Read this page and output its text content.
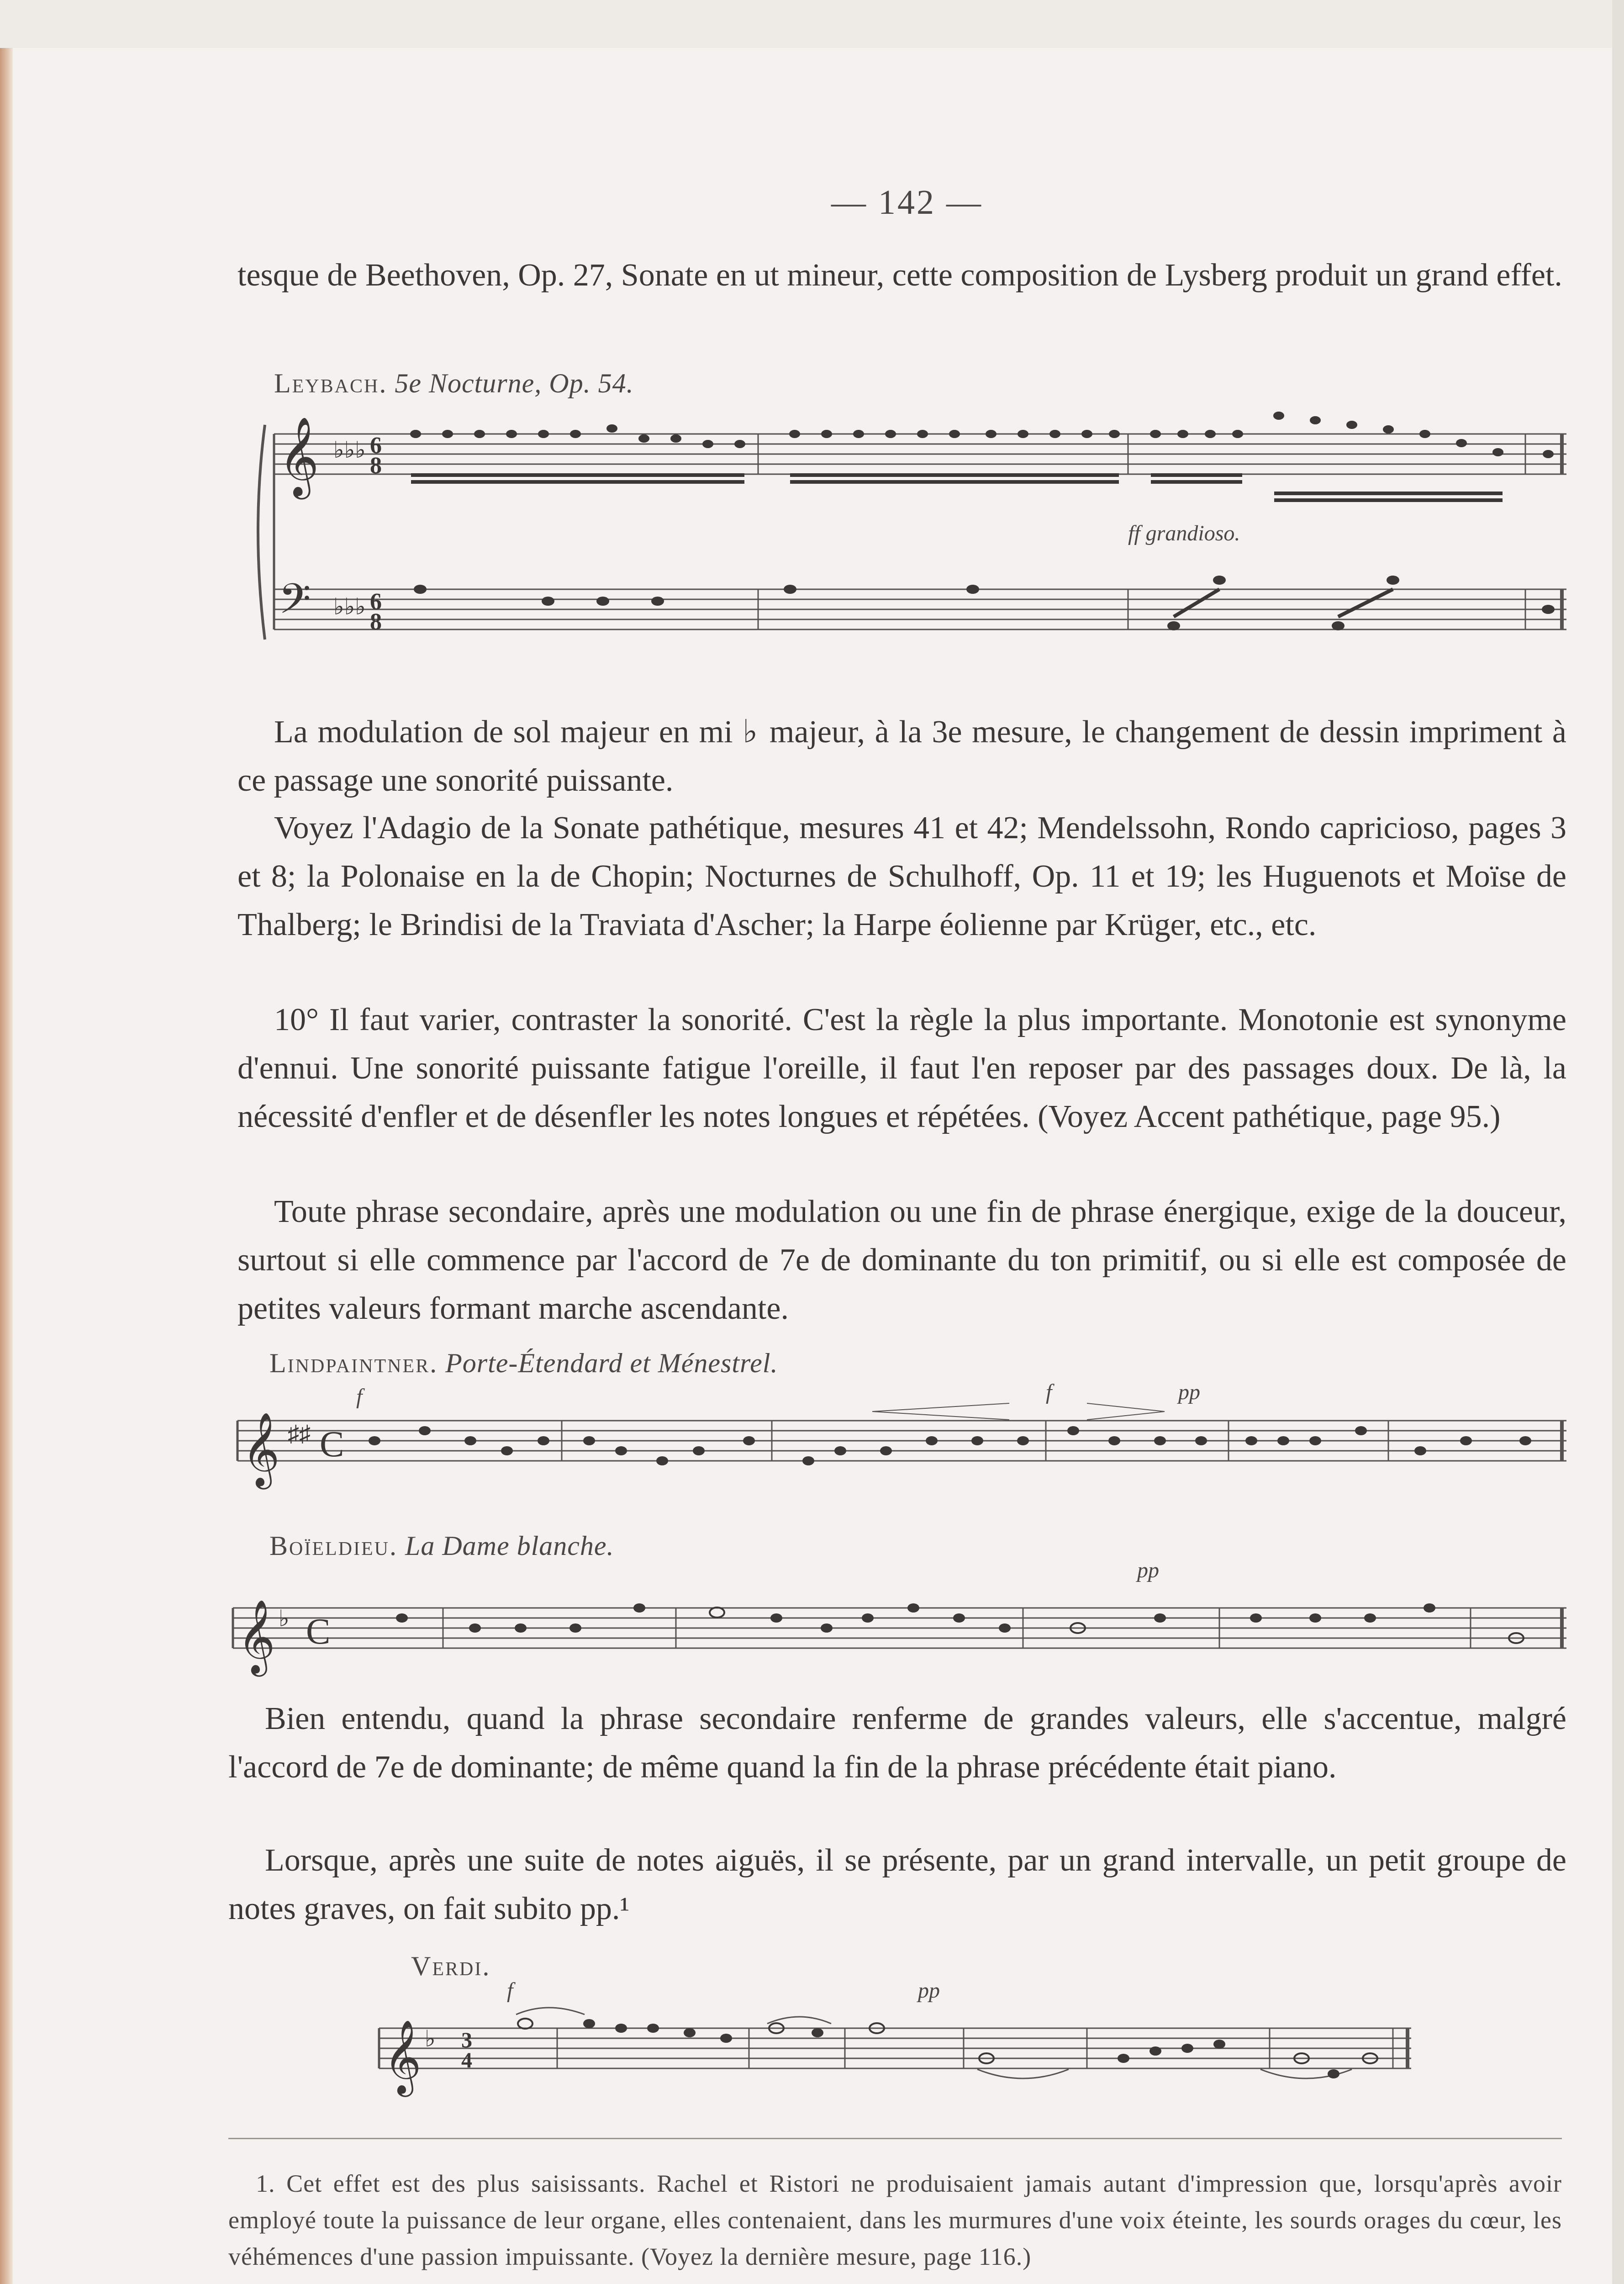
— 142 —

tesque de Beethoven, Op. 27, Sonate en ut mineur, cette composition de Lysberg produit un grand effet.

Leybach. 5e Nocturne, Op. 54.
𝄞
𝄢
♭♭♭ 6
8
♭♭♭ 6
8
ff grandioso.

La modulation de sol majeur en mi ♭ majeur, à la 3e mesure, le changement de dessin impriment à ce passage une sonorité puissante.

Voyez l'Adagio de la Sonate pathétique, mesures 41 et 42; Mendelssohn, Rondo capricioso, pages 3 et 8; la Polonaise en la de Chopin; Nocturnes de Schulhoff, Op. 11 et 19; les Huguenots et Moïse de Thalberg; le Brindisi de la Traviata d'Ascher; la Harpe éolienne par Krüger, etc., etc.

10° Il faut varier, contraster la sonorité. C'est la règle la plus importante. Monotonie est synonyme d'ennui. Une sonorité puissante fatigue l'oreille, il faut l'en reposer par des passages doux. De là, la nécessité d'enfler et de désenfler les notes longues et répétées. (Voyez Accent pathétique, page 95.)

Toute phrase secondaire, après une modulation ou une fin de phrase énergique, exige de la douceur, surtout si elle commence par l'accord de 7e de dominante du ton primitif, ou si elle est composée de petites valeurs formant marche ascendante.

Lindpaintner. Porte-Étendard et Ménestrel.
f	f	pp
𝄞 ♯♯ C
Boïeldieu. La Dame blanche.
pp
𝄞 ♭ C

Bien entendu, quand la phrase secondaire renferme de grandes valeurs, elle s'accentue, malgré l'accord de 7e de dominante; de même quand la fin de la phrase précédente était piano.

Lorsque, après une suite de notes aiguës, il se présente, par un grand intervalle, un petit groupe de notes graves, on fait subito pp.¹

Verdi.
f	pp
𝄞 ♭ 3
4

1. Cet effet est des plus saisissants. Rachel et Ristori ne produisaient jamais autant d'impression que, lorsqu'après avoir employé toute la puissance de leur organe, elles contenaient, dans les murmures d'une voix éteinte, les sourds orages du cœur, les véhémences d'une passion impuissante. (Voyez la dernière mesure, page 116.)
